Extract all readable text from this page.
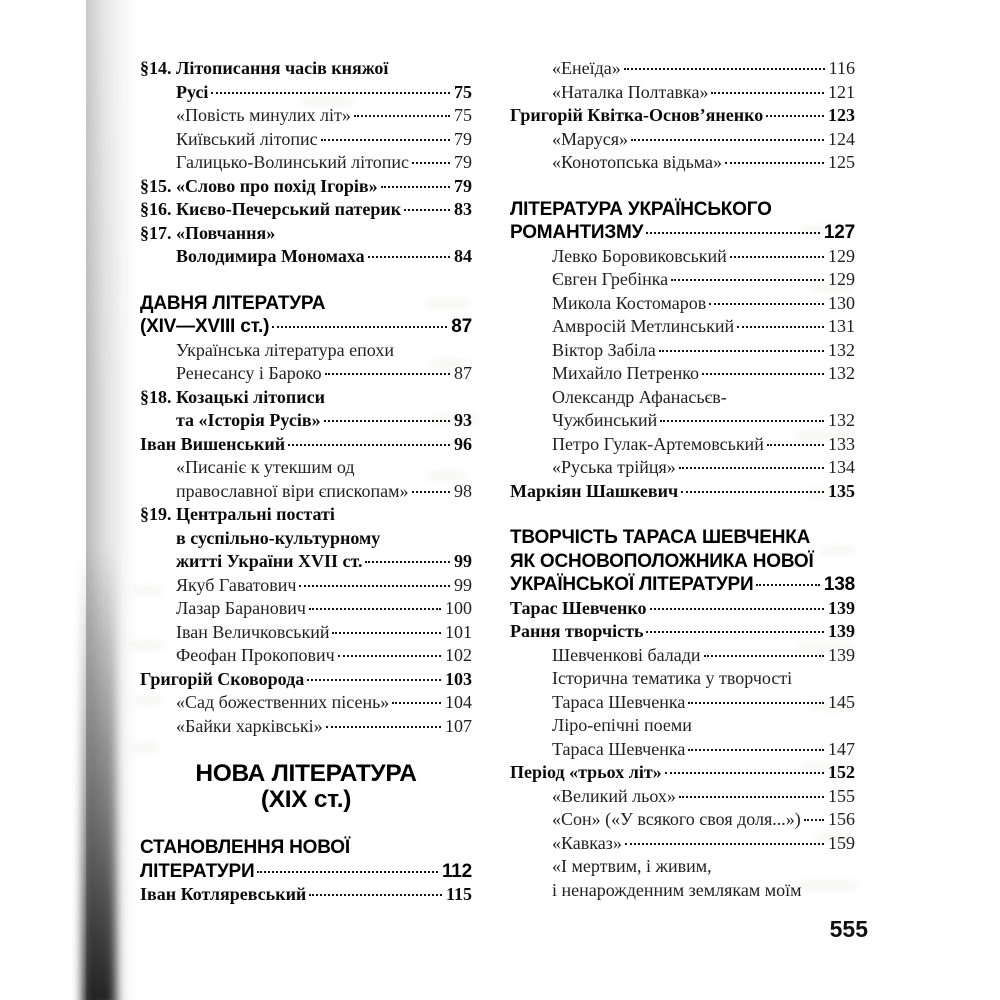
§14. Літописання часів княжої
Русі	75
«Повість минулих літ»	75
Київський літопис	79
Галицько-Волинський літопис	79
§15. «Слово про похід Ігорів»	79
§16. Києво-Печерський патерик	83
§17. «Повчання»
Володимира Мономаха	84
ДАВНЯ ЛІТЕРАТУРА
(XIV—XVIII ст.)	87
Українська література епохи
Ренесансу і Бароко	87
§18. Козацькі літописи
та «Історія Русів»	93
Іван Вишенський	96
«Писаніє к утекшим од
православної віри єпископам»	98
§19. Центральні постаті
в суспільно-культурному
житті України XVII ст.	99
Якуб Гаватович	99
Лазар Баранович	100
Іван Величковський	101
Феофан Прокопович	102
Григорій Сковорода	103
«Сад божественних пісень»	104
«Байки харківські»	107
НОВА ЛІТЕРАТУРА
(XIX ст.)
СТАНОВЛЕННЯ НОВОЇ
ЛІТЕРАТУРИ	112
Іван Котляревський	115
«Енеїда»	116
«Наталка Полтавка»	121
Григорій Квітка-Основ’яненко	123
«Маруся»	124
«Конотопська відьма»	125
ЛІТЕРАТУРА УКРАЇНСЬКОГО
РОМАНТИЗМУ	127
Левко Боровиковський	129
Євген Гребінка	129
Микола Костомаров	130
Амвросій Метлинський	131
Віктор Забіла	132
Михайло Петренко	132
Олександр Афанасьєв-
Чужбинський	132
Петро Гулак-Артемовський	133
«Руська трійця»	134
Маркіян Шашкевич	135
ТВОРЧІСТЬ ТАРАСА ШЕВЧЕНКА
ЯК ОСНОВОПОЛОЖНИКА НОВОЇ
УКРАЇНСЬКОЇ ЛІТЕРАТУРИ	138
Тарас Шевченко	139
Рання творчість	139
Шевченкові балади	139
Історична тематика у творчості
Тараса Шевченка	145
Ліро-епічні поеми
Тараса Шевченка	147
Період «трьох літ»	152
«Великий льох»	155
«Сон» («У всякого своя доля...») 156
«Кавказ»	159
«І мертвим, і живим,
і ненарожденним землякам моїм
555
